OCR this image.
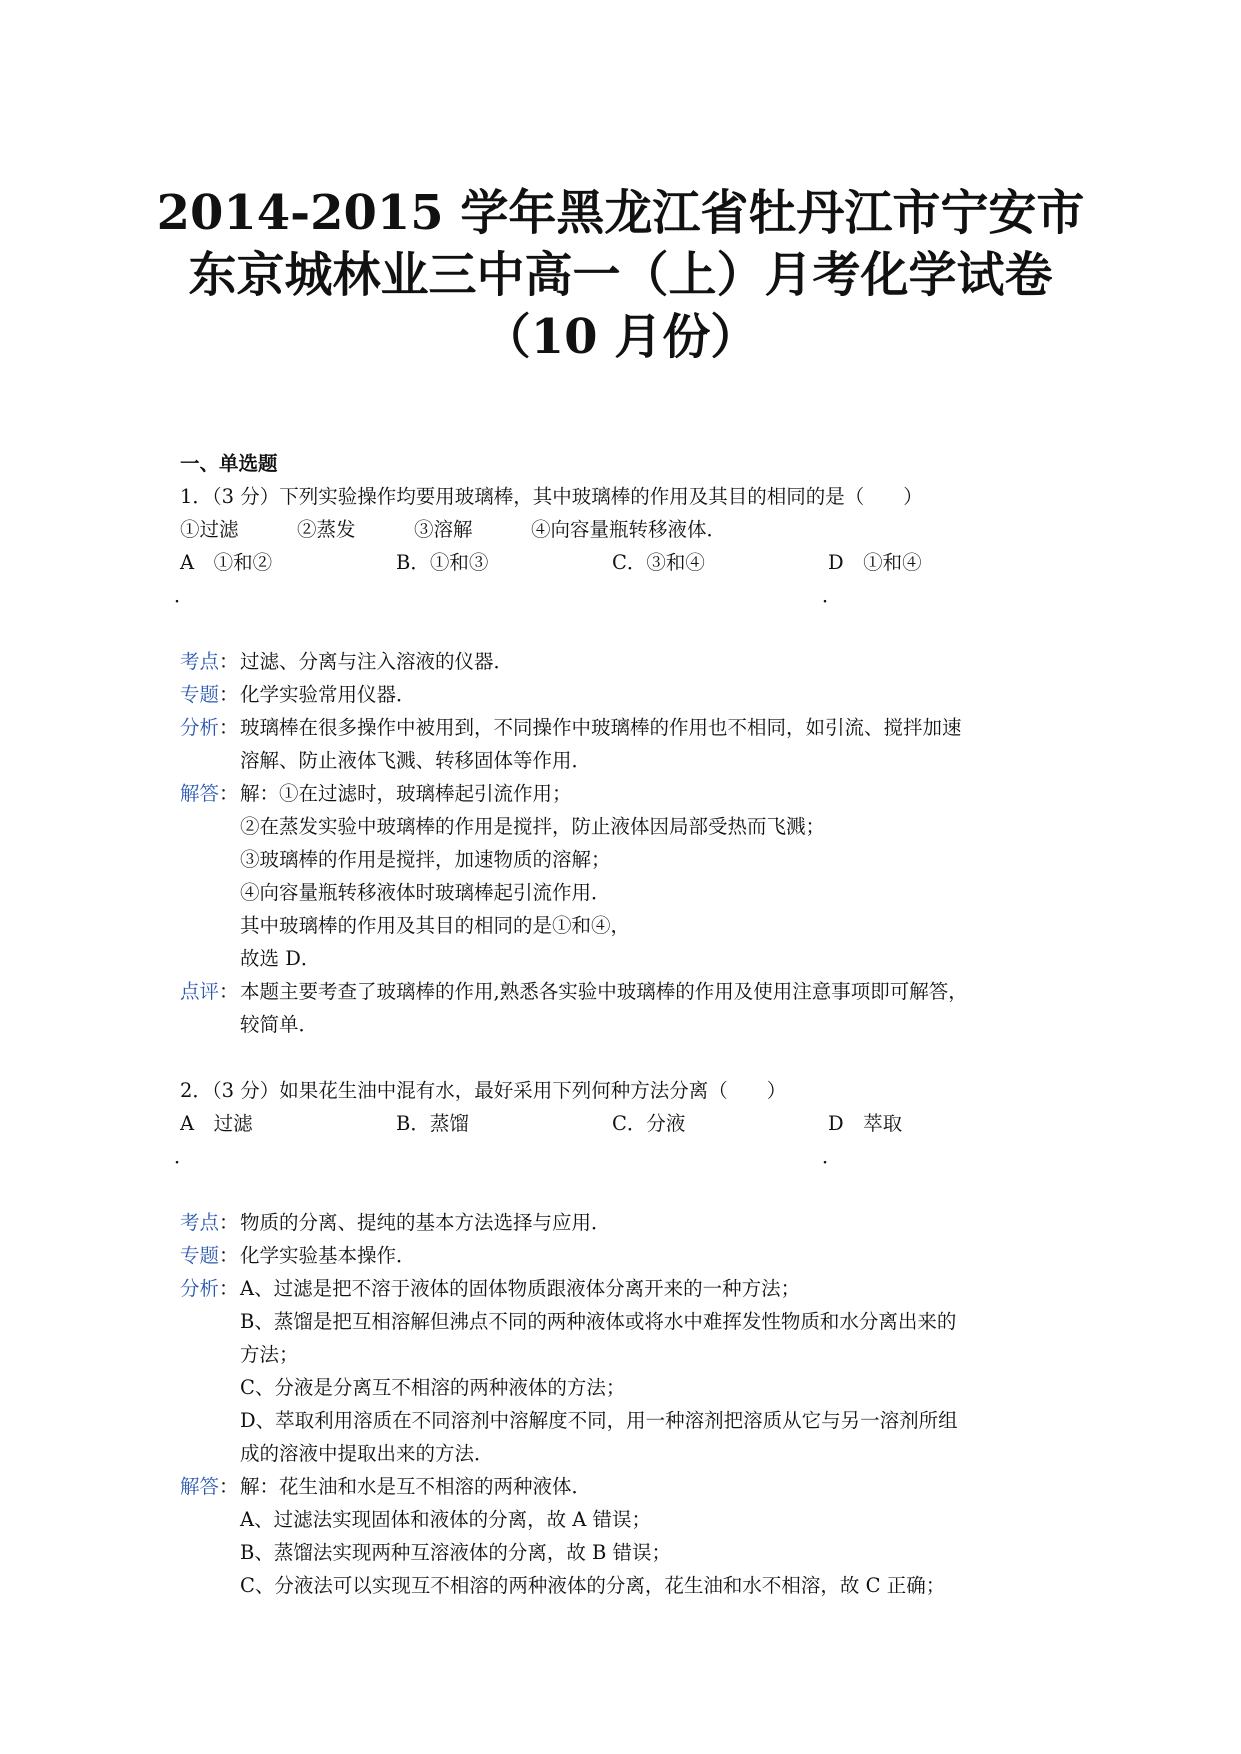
2014-2015 学年黑龙江省牡丹江市宁安市
东京城林业三中高一（上）月考化学试卷
（10 月份）
一、单选题
1．（3 分）下列实验操作均要用玻璃棒，其中玻璃棒的作用及其目的相同的是（　　）
①过滤　　　②蒸发　　　③溶解　　　④向容量瓶转移液体．
A　①和②	B．①和③	C．③和④	D　①和④
．	．
考点： 过滤、分离与注入溶液的仪器．
专题： 化学实验常用仪器．
分析： 玻璃棒在很多操作中被用到，不同操作中玻璃棒的作用也不相同，如引流、搅拌加速
溶解、防止液体飞溅、转移固体等作用．
解答： 解：①在过滤时，玻璃棒起引流作用；
②在蒸发实验中玻璃棒的作用是搅拌，防止液体因局部受热而飞溅；
③玻璃棒的作用是搅拌，加速物质的溶解；
④向容量瓶转移液体时玻璃棒起引流作用．
其中玻璃棒的作用及其目的相同的是①和④，
故选 D．
点评： 本题主要考查了玻璃棒的作用,熟悉各实验中玻璃棒的作用及使用注意事项即可解答，
较简单．
2．（3 分）如果花生油中混有水，最好采用下列何种方法分离（　　）
A　过滤	B．蒸馏	C．分液	D　萃取
．	．
考点： 物质的分离、提纯的基本方法选择与应用．
专题： 化学实验基本操作．
分析： A、过滤是把不溶于液体的固体物质跟液体分离开来的一种方法；
B、蒸馏是把互相溶解但沸点不同的两种液体或将水中难挥发性物质和水分离出来的
方法；
C、分液是分离互不相溶的两种液体的方法；
D、萃取利用溶质在不同溶剂中溶解度不同，用一种溶剂把溶质从它与另一溶剂所组
成的溶液中提取出来的方法．
解答： 解：花生油和水是互不相溶的两种液体．
A、过滤法实现固体和液体的分离，故 A 错误；
B、蒸馏法实现两种互溶液体的分离，故 B 错误；
C、分液法可以实现互不相溶的两种液体的分离，花生油和水不相溶，故 C 正确；
